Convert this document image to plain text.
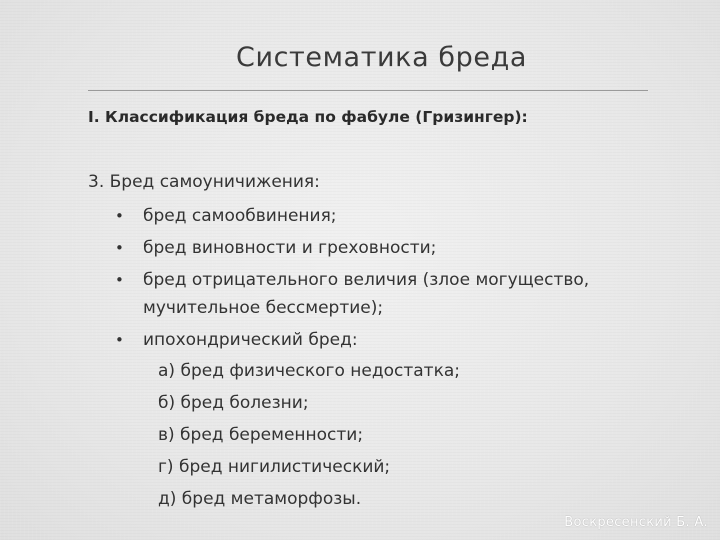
Систематика бреда
I. Классификация бреда по фабуле (Гризингер):
3. Бред самоуничижения:
• бред самообвинения;
• бред виновности и греховности;
• бред отрицательного величия (злое могущество,
мучительное бессмертие);
• ипохондрический бред:
а) бред физического недостатка;
б) бред болезни;
в) бред беременности;
г) бред нигилистический;
д) бред метаморфозы.
Воскресенский Б. А.
